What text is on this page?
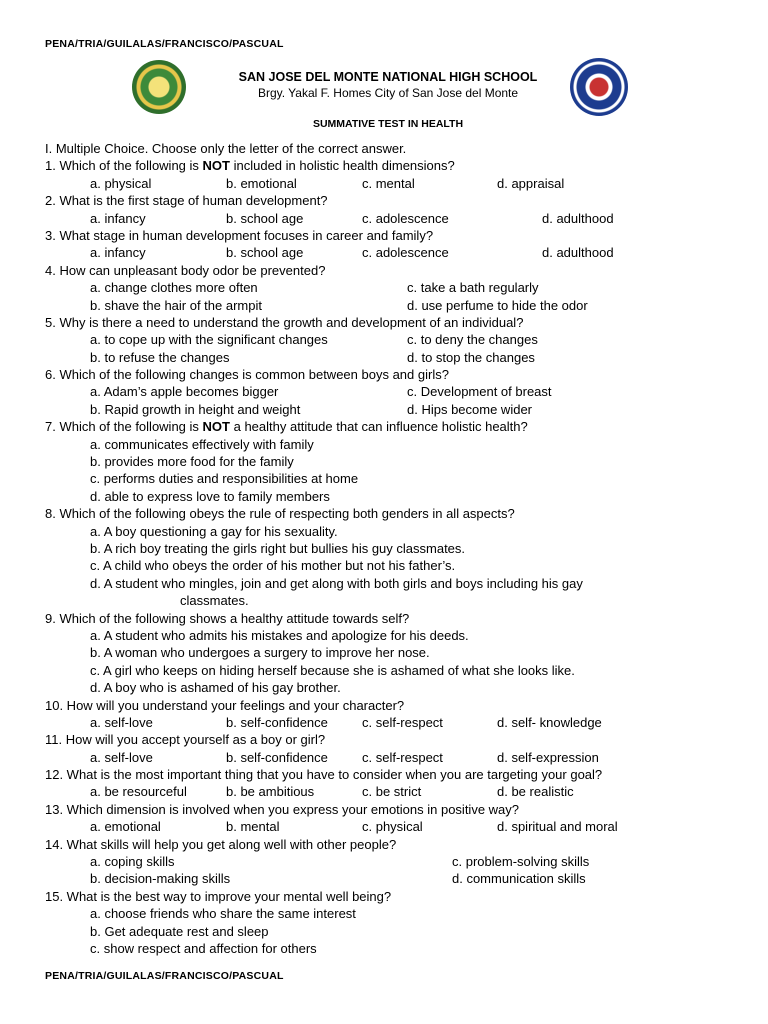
PENA/TRIA/GUILALAS/FRANCISCO/PASCUAL
SAN JOSE DEL MONTE NATIONAL HIGH SCHOOL
Brgy. Yakal F. Homes City of San Jose del Monte
SUMMATIVE TEST IN HEALTH
I. Multiple Choice. Choose only the letter of the correct answer.
1. Which of the following is NOT included in holistic health dimensions?
a. physical	b. emotional	c. mental	d. appraisal
2. What is the first stage of human development?
a. infancy	b. school age	c. adolescence	d. adulthood
3. What stage in human development focuses in career and family?
a. infancy	b. school age	c. adolescence	d. adulthood
4. How can unpleasant body odor be prevented?
a. change clothes more often	c. take a bath regularly
b. shave the hair of the armpit	d. use perfume to hide the odor
5. Why is there a need to understand the growth and development of an individual?
a. to cope up with the significant changes	c. to deny the changes
b. to refuse the changes	d. to stop the changes
6. Which of the following changes is common between boys and girls?
a. Adam’s apple becomes bigger	c. Development of breast
b. Rapid growth in height and weight	d. Hips become wider
7. Which of the following is NOT a healthy attitude that can influence holistic health?
a. communicates effectively with family
b. provides more food for the family
c. performs duties and responsibilities at home
d. able to express love to family members
8. Which of the following obeys the rule of respecting both genders in all aspects?
a. A boy questioning a gay for his sexuality.
b. A rich boy treating the girls right but bullies his guy classmates.
c. A child who obeys the order of his mother but not his father’s.
d. A student who mingles, join and get along with both girls and boys including his gay
classmates.
9. Which of the following shows a healthy attitude towards self?
a. A student who admits his mistakes and apologize for his deeds.
b. A woman who undergoes a surgery to improve her nose.
c. A girl who keeps on hiding herself because she is ashamed of what she looks like.
d. A boy who is ashamed of his gay brother.
10. How will you understand your feelings and your character?
a. self-love	b. self-confidence	c. self-respect	d. self- knowledge
11. How will you accept yourself as a boy or girl?
a. self-love	b. self-confidence	c. self-respect	d. self-expression
12. What is the most important thing that you have to consider when you are targeting your goal?
a. be resourceful	b. be ambitious	c. be strict	d. be realistic
13. Which dimension is involved when you express your emotions in positive way?
a. emotional	b. mental	c. physical	d. spiritual and moral
14. What skills will help you get along well with other people?
a. coping skills	c. problem-solving skills
b. decision-making skills	d. communication skills
15. What is the best way to improve your mental well being?
a. choose friends who share the same interest
b. Get adequate rest and sleep
c. show respect and affection for others
PENA/TRIA/GUILALAS/FRANCISCO/PASCUAL
